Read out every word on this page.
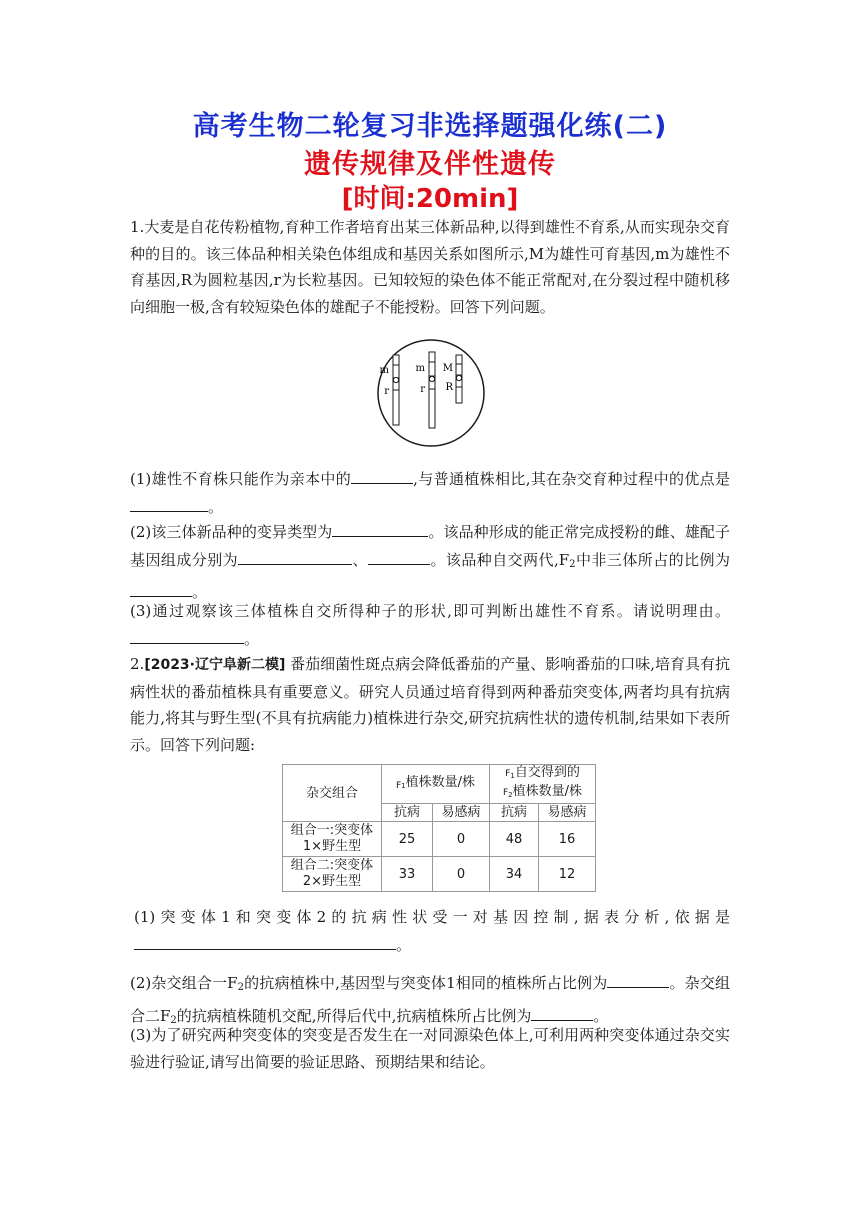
高考生物二轮复习非选择题强化练(二)
遗传规律及伴性遗传
[时间:20min]
1.大麦是自花传粉植物,育种工作者培育出某三体新品种,以得到雄性不育系,从而实现杂交育种的目的。该三体品种相关染色体组成和基因关系如图所示,M为雄性可育基因,m为雄性不育基因,R为圆粒基因,r为长粒基因。已知较短的染色体不能正常配对,在分裂过程中随机移向细胞一极,含有较短染色体的雄配子不能授粉。回答下列问题。
m
r
m
r
M
R
(1)雄性不育株只能作为亲本中的	,与普通植株相比,其在杂交育种过程中的优点是。
(2)该三体新品种的变异类型为	。该品种形成的能正常完成授粉的雌、雄配子基因组成分别为	、	。该品种自交两代$,F_2$中非三体所占的比例为。
(3)通过观察该三体植株自交所得种子的形状,即可判断出雄性不育系。请说明理由。。
2.[2023·辽宁阜新二模] 番茄细菌性斑点病会降低番茄的产量、影响番茄的口味,培育具有抗病性状的番茄植株具有重要意义。研究人员通过培育得到两种番茄突变体,两者均具有抗病能力,将其与野生型(不具有抗病能力)植株进行杂交,研究抗病性状的遗传机制,结果如下表所示。回答下列问题:
杂交组合	$_{F1}$植株数量/株		$F_1$自交得到的
$F_2$植株数量/株	
	抗病	易感病	抗病	易感病
组合一:突变体
1×野生型	25	0	48	16
组合二:突变体
2×野生型	33	0	34	12
(1)突变体1和突变体2的抗病性状受一对基因控制,据表分析,依据是。
(2)杂交组合一$F_2$的抗病植株中,基因型与突变体1相同的植株所占比例为	。杂交组合二$F_2$的抗病植株随机交配,所得后代中,抗病植株所占比例为	。
(3)为了研究两种突变体的突变是否发生在一对同源染色体上,可利用两种突变体通过杂交实验进行验证,请写出简要的验证思路、预期结果和结论。
